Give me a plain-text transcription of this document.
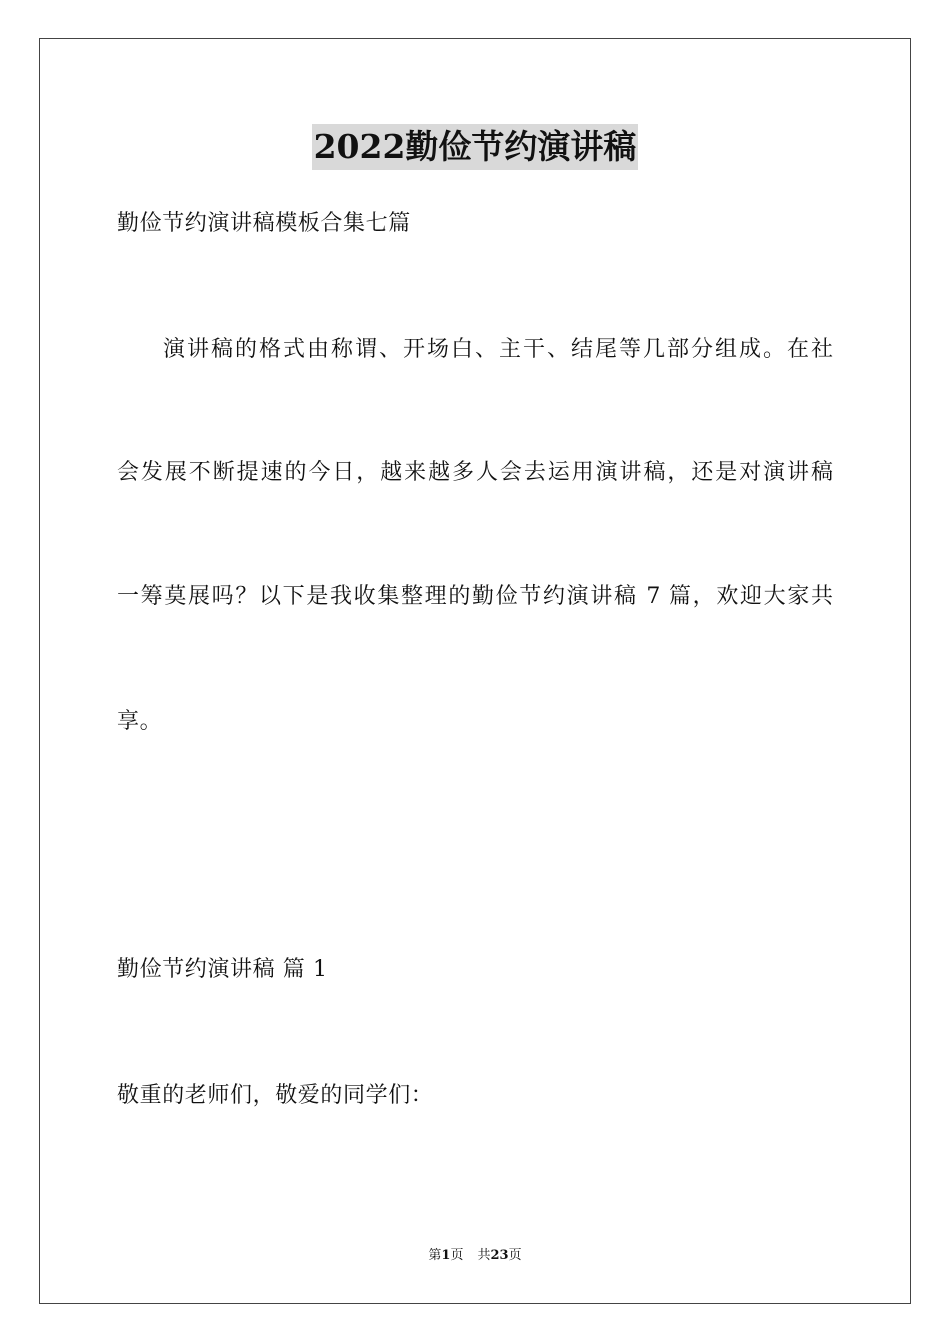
2022勤俭节约演讲稿
勤俭节约演讲稿模板合集七篇
演讲稿的格式由称谓、开场白、主干、结尾等几部分组成。在社
会发展不断提速的今日，越来越多人会去运用演讲稿，还是对演讲稿
一筹莫展吗？以下是我收集整理的勤俭节约演讲稿 7 篇，欢迎大家共
享。
勤俭节约演讲稿 篇 1
敬重的老师们，敬爱的同学们：
第1页 共23页
